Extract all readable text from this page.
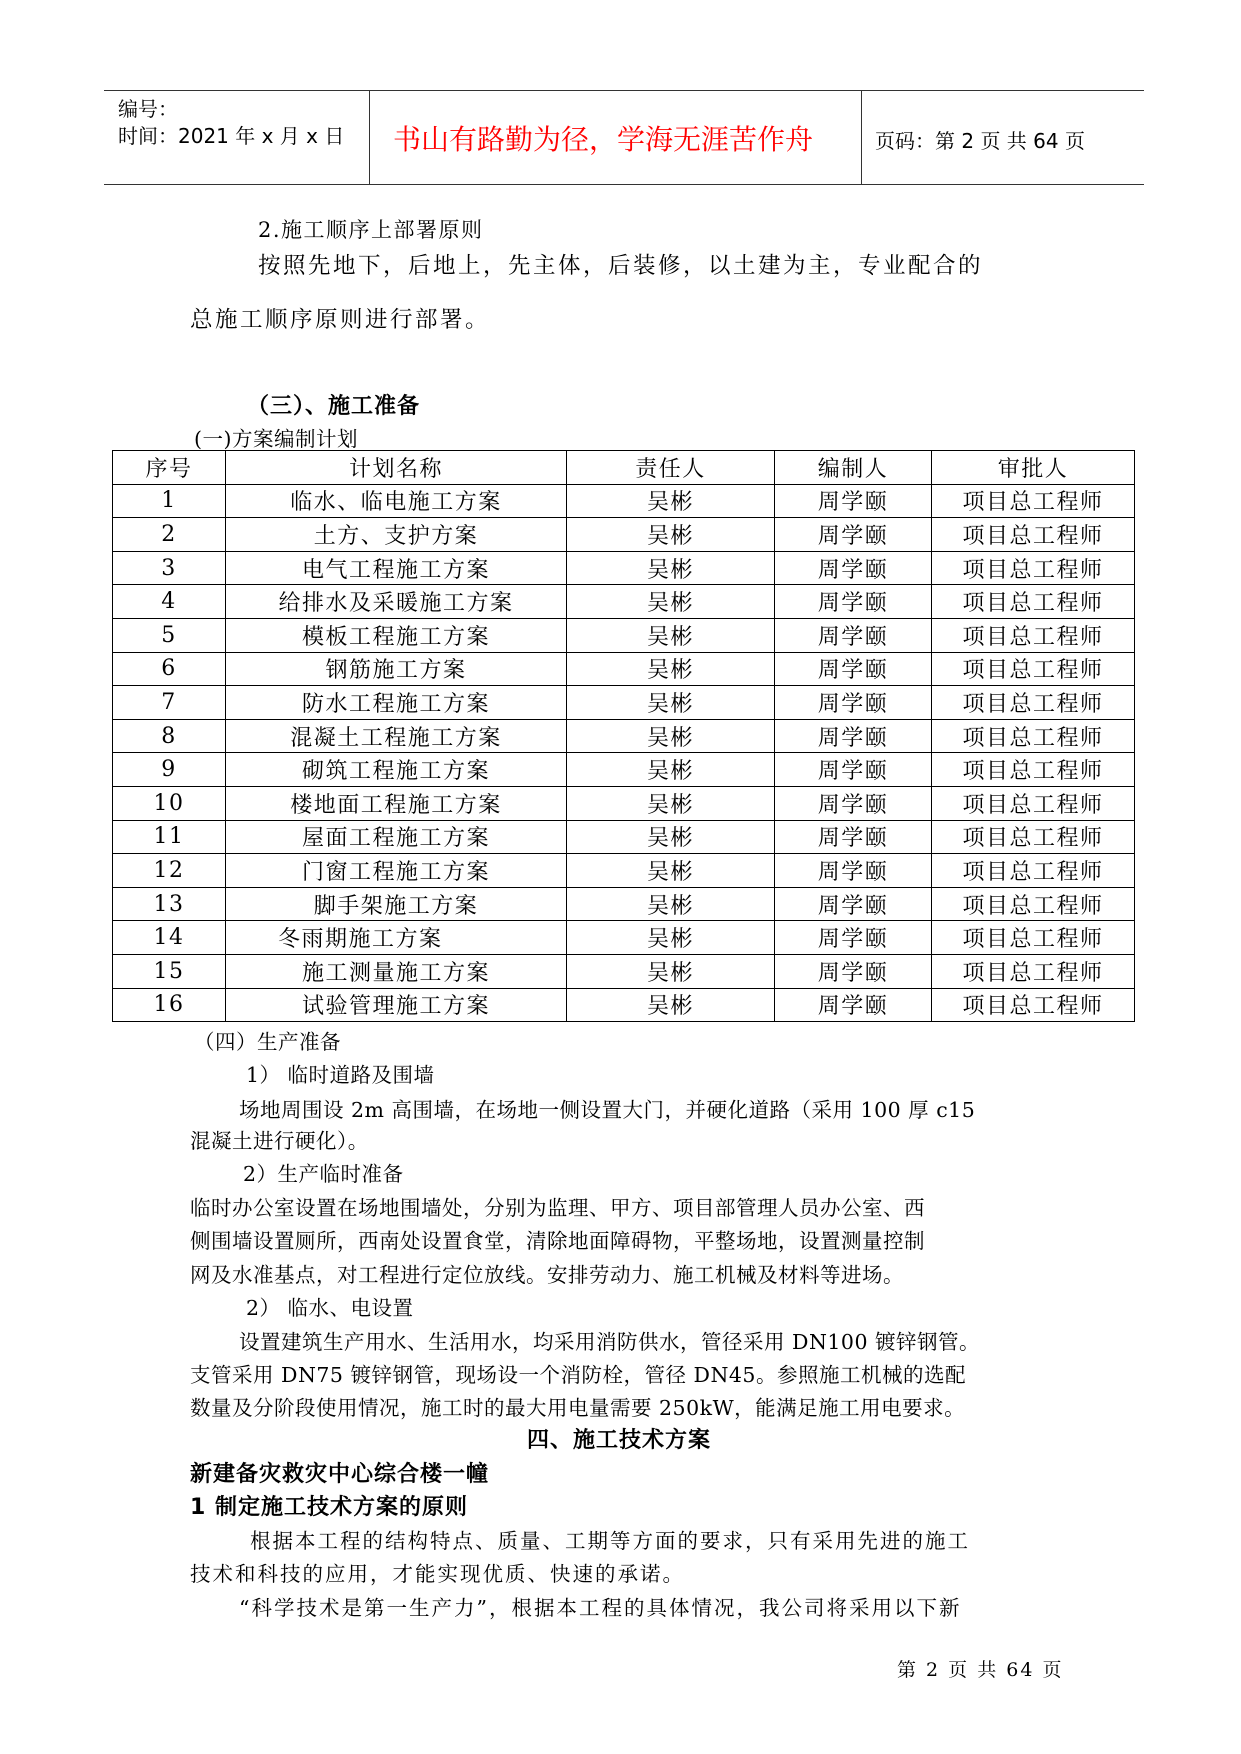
编号：
时间：2021 年 x 月 x 日 书山有路勤为径，学海无涯苦作舟	页码：第 2 页 共 64 页
2.施工顺序上部署原则
按照先地下，后地上，先主体，后装修，以土建为主，专业配合的
总施工顺序原则进行部署。
（三）、施工准备
(一)方案编制计划
序号	计划名称	责任人	编制人	审批人
1	临水、临电施工方案	吴彬	周学颐	项目总工程师
2	土方、支护方案	吴彬	周学颐	项目总工程师
3	电气工程施工方案	吴彬	周学颐	项目总工程师
4	给排水及采暖施工方案	吴彬	周学颐	项目总工程师
5	模板工程施工方案	吴彬	周学颐	项目总工程师
6	钢筋施工方案	吴彬	周学颐	项目总工程师
7	防水工程施工方案	吴彬	周学颐	项目总工程师
8	混凝土工程施工方案	吴彬	周学颐	项目总工程师
9	砌筑工程施工方案	吴彬	周学颐	项目总工程师
10	楼地面工程施工方案	吴彬	周学颐	项目总工程师
11	屋面工程施工方案	吴彬	周学颐	项目总工程师
12	门窗工程施工方案	吴彬	周学颐	项目总工程师
13	脚手架施工方案	吴彬	周学颐	项目总工程师
14	冬雨期施工方案	吴彬	周学颐	项目总工程师
15	施工测量施工方案	吴彬	周学颐	项目总工程师
16	试验管理施工方案	吴彬	周学颐	项目总工程师
（四）生产准备
1） 临时道路及围墙
场地周围设 2m 高围墙，在场地一侧设置大门，并硬化道路（采用 100 厚 c15
混凝土进行硬化）。
2）生产临时准备
临时办公室设置在场地围墙处，分别为监理、甲方、项目部管理人员办公室、西
侧围墙设置厕所，西南处设置食堂，清除地面障碍物，平整场地，设置测量控制
网及水准基点，对工程进行定位放线。安排劳动力、施工机械及材料等进场。
2） 临水、电设置
设置建筑生产用水、生活用水，均采用消防供水，管径采用 DN100 镀锌钢管。
支管采用 DN75 镀锌钢管，现场设一个消防栓，管径 DN45。参照施工机械的选配
数量及分阶段使用情况，施工时的最大用电量需要 250kW，能满足施工用电要求。
四、施工技术方案
新建备灾救灾中心综合楼一幢
1 制定施工技术方案的原则
根据本工程的结构特点、质量、工期等方面的要求，只有采用先进的施工
技术和科技的应用，才能实现优质、快速的承诺。
“科学技术是第一生产力”，根据本工程的具体情况，我公司将采用以下新
第 2 页 共 64 页
